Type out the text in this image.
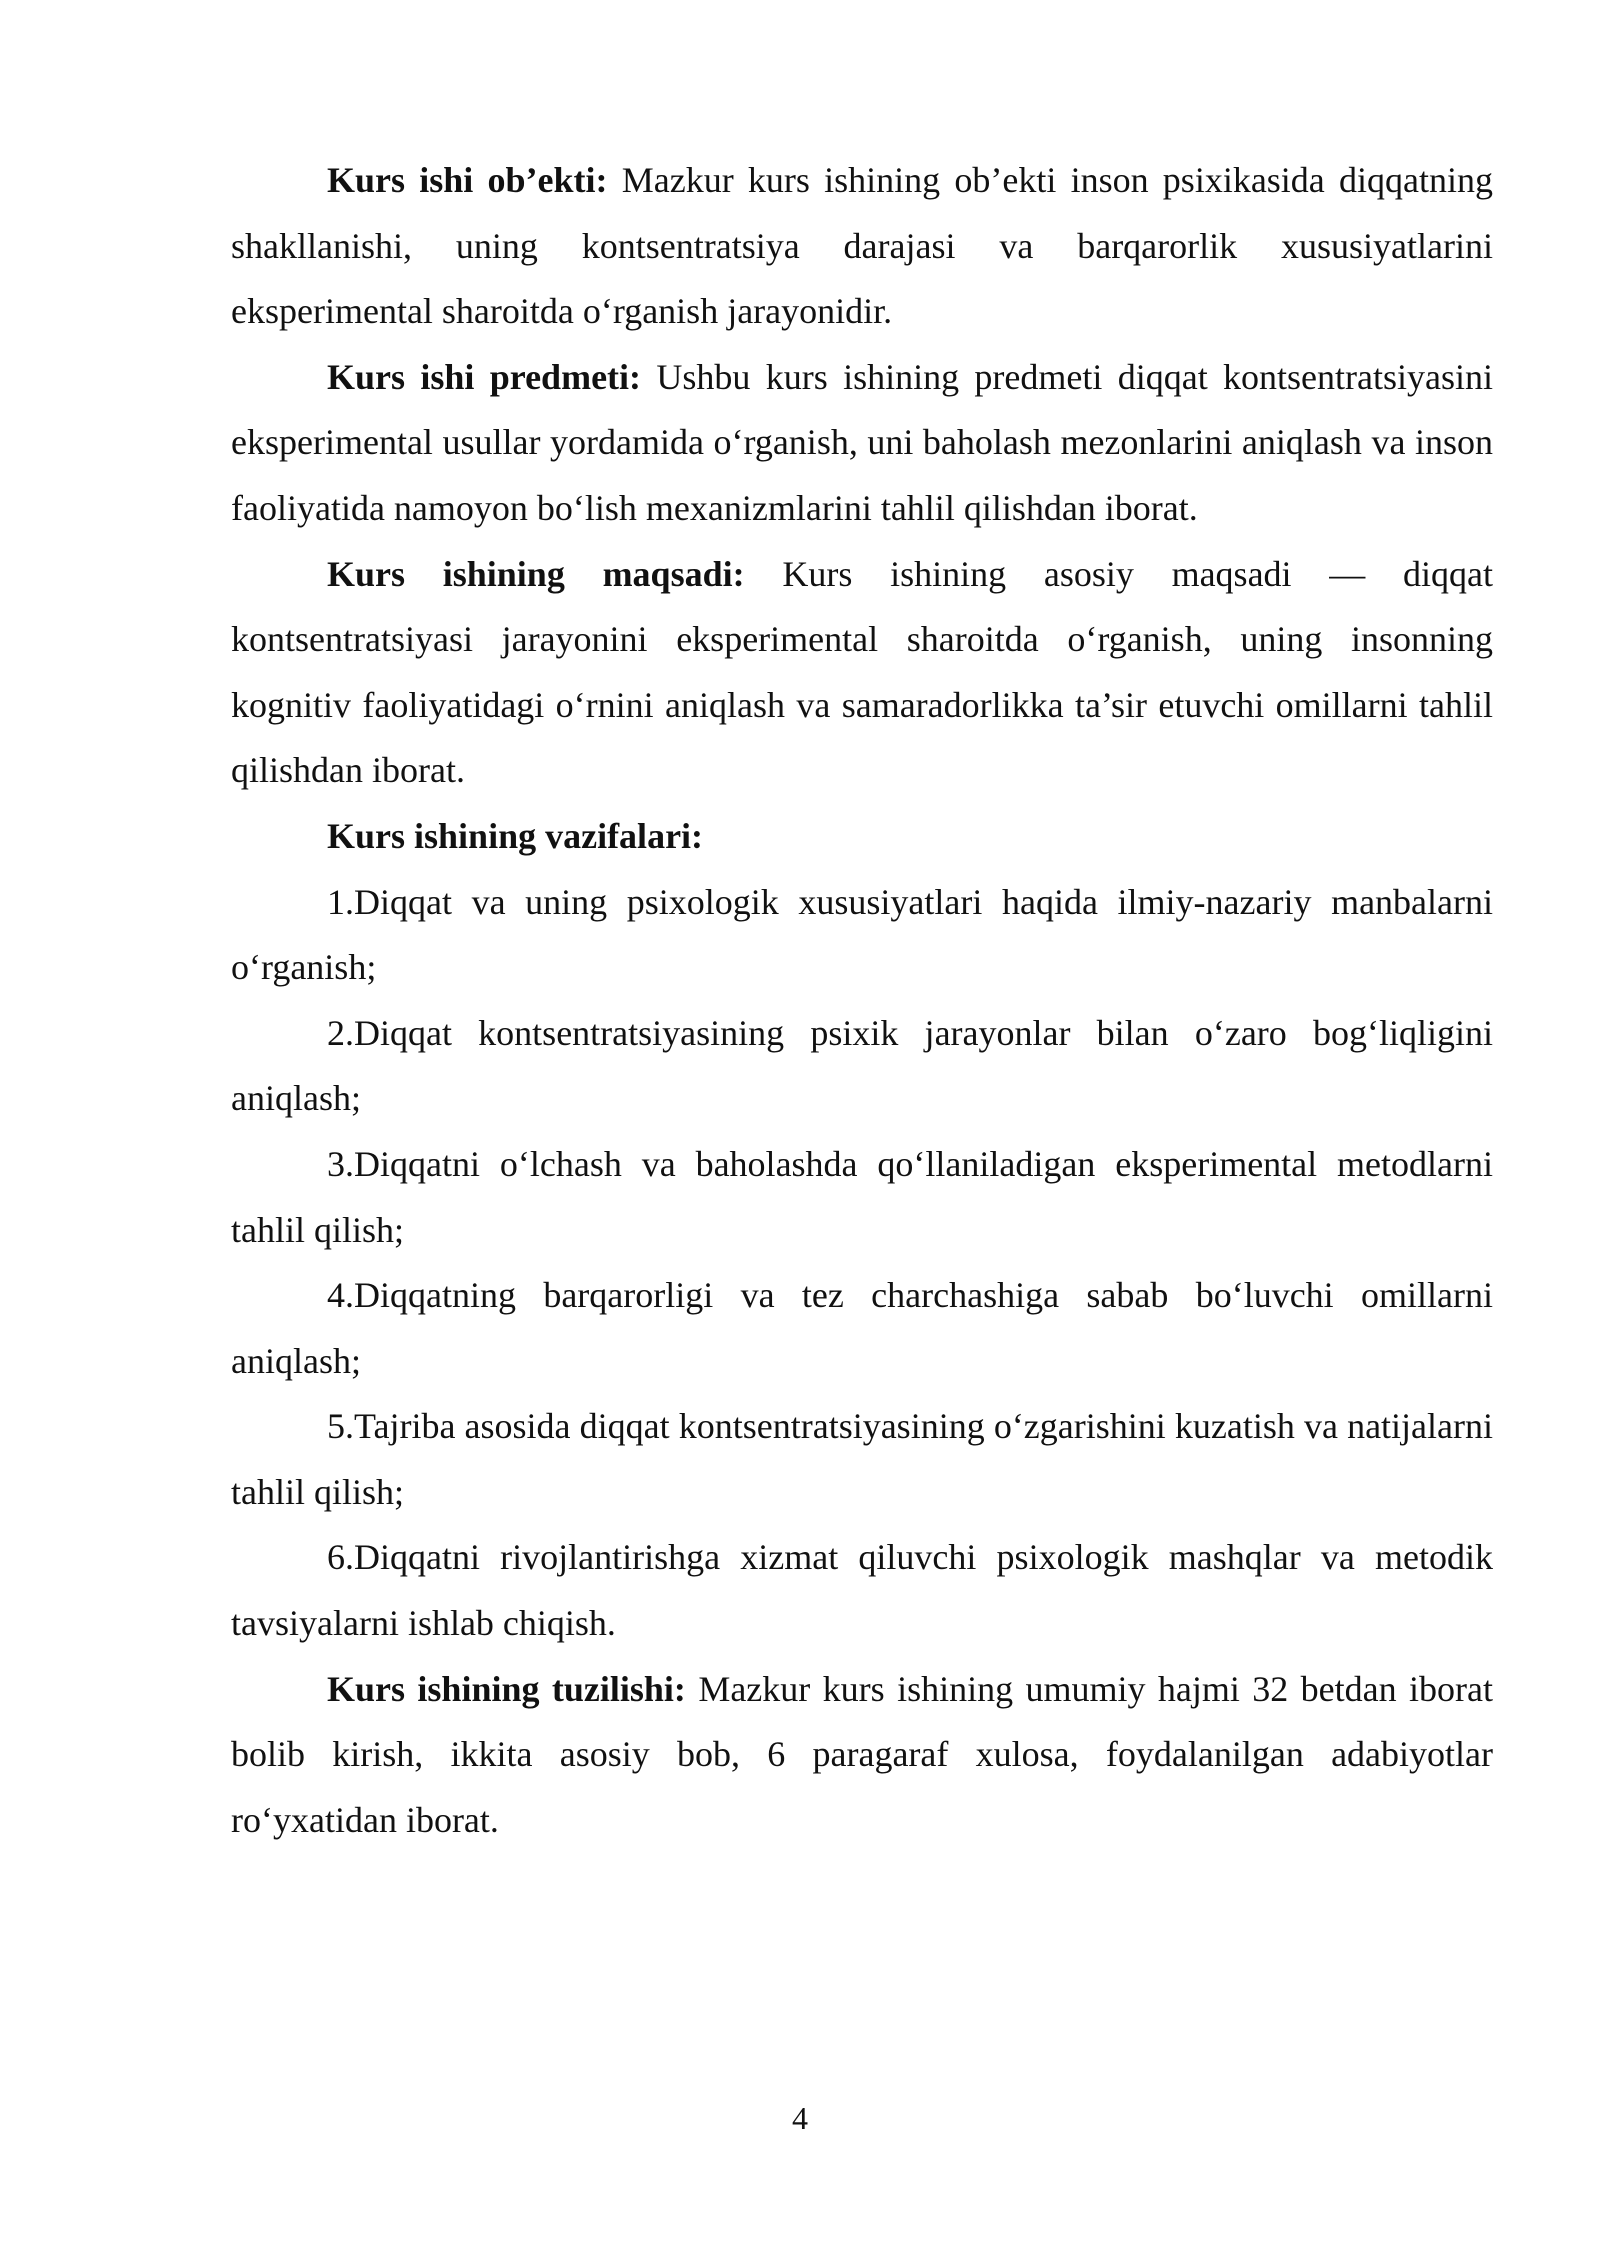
Kurs ishi ob’ekti: Mazkur kurs ishining ob’ekti inson psixikasida diqqatning shakllanishi, uning kontsentratsiya darajasi va barqarorlik xususiyatlarini eksperimental sharoitda o‘rganish jarayonidir.

Kurs ishi predmeti: Ushbu kurs ishining predmeti diqqat kontsentratsiyasini eksperimental usullar yordamida o‘rganish, uni baholash mezonlarini aniqlash va inson faoliyatida namoyon bo‘lish mexanizmlarini tahlil qilishdan iborat.

Kurs ishining maqsadi: Kurs ishining asosiy maqsadi — diqqat kontsentratsiyasi jarayonini eksperimental sharoitda o‘rganish, uning insonning kognitiv faoliyatidagi o‘rnini aniqlash va samaradorlikka ta’sir etuvchi omillarni tahlil qilishdan iborat.

Kurs ishining vazifalari:

1.Diqqat va uning psixologik xususiyatlari haqida ilmiy-nazariy manbalarni o‘rganish;

2.Diqqat kontsentratsiyasining psixik jarayonlar bilan o‘zaro bog‘liqligini aniqlash;

3.Diqqatni o‘lchash va baholashda qo‘llaniladigan eksperimental metodlarni tahlil qilish;

4.Diqqatning barqarorligi va tez charchashiga sabab bo‘luvchi omillarni aniqlash;

5.Tajriba asosida diqqat kontsentratsiyasining o‘zgarishini kuzatish va natijalarni tahlil qilish;

6.Diqqatni rivojlantirishga xizmat qiluvchi psixologik mashqlar va metodik tavsiyalarni ishlab chiqish.

Kurs ishining tuzilishi: Mazkur kurs ishining umumiy hajmi 32 betdan iborat bolib kirish, ikkita asosiy bob, 6 paragaraf xulosa, foydalanilgan adabiyotlar ro‘yxatidan iborat.

4
